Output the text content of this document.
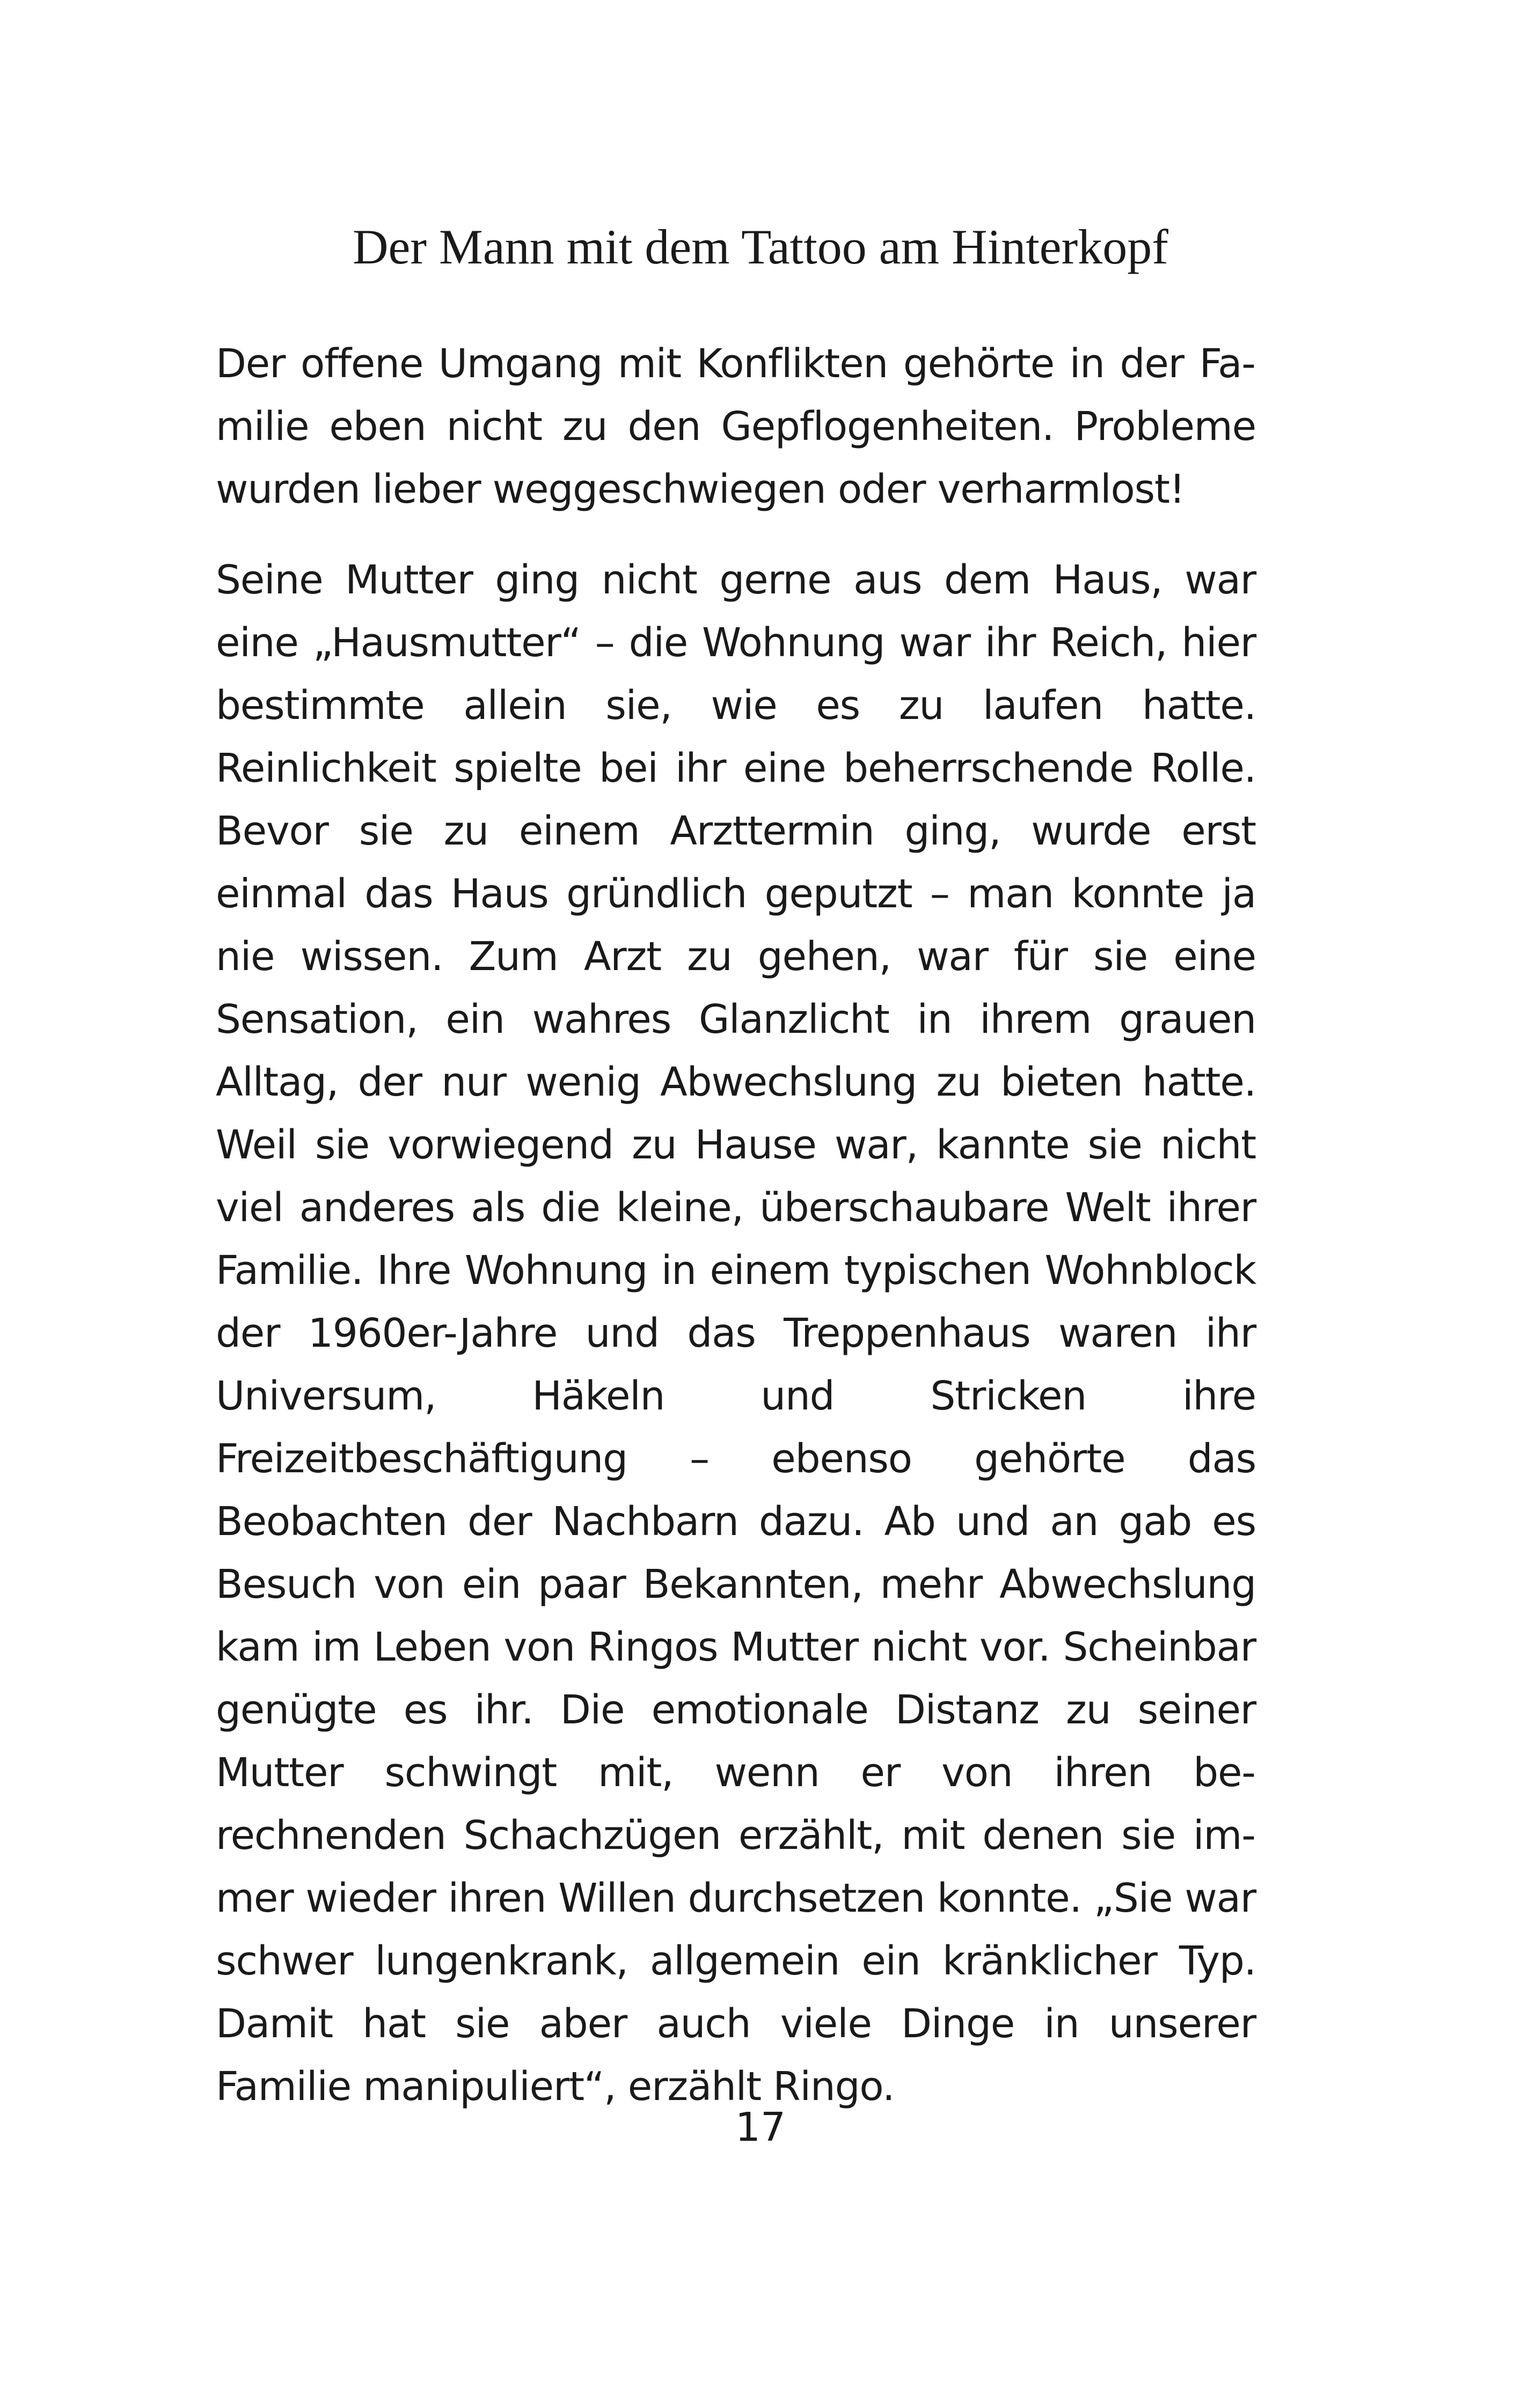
Der Mann mit dem Tattoo am Hinterkopf

Der offene Umgang mit Konflikten gehörte in der Familie eben nicht zu den Gepflogenheiten. Probleme wurden lieber weggeschwiegen oder verharmlost!

Seine Mutter ging nicht gerne aus dem Haus, war eine „Hausmutter“ – die Wohnung war ihr Reich, hier bestimmte allein sie, wie es zu laufen hatte. Reinlichkeit spielte bei ihr eine beherrschende Rolle. Bevor sie zu einem Arzttermin ging, wurde erst einmal das Haus gründlich geputzt – man konnte ja nie wissen. Zum Arzt zu gehen, war für sie eine Sensation, ein wahres Glanzlicht in ihrem grauen Alltag, der nur wenig Abwechslung zu bieten hatte. Weil sie vorwiegend zu Hause war, kannte sie nicht viel anderes als die kleine, überschaubare Welt ihrer Familie. Ihre Wohnung in einem typischen Wohnblock der 1960er-Jahre und das Treppenhaus waren ihr Universum, Häkeln und Stricken ihre Freizeitbeschäftigung – ebenso gehörte das Beobachten der Nachbarn dazu. Ab und an gab es Besuch von ein paar Bekannten, mehr Abwechslung kam im Leben von Ringos Mutter nicht vor. Scheinbar genügte es ihr. Die emotionale Distanz zu seiner Mutter schwingt mit, wenn er von ihren berechnenden Schachzügen erzählt, mit denen sie immer wieder ihren Willen durchsetzen konnte. „Sie war schwer lungenkrank, allgemein ein kränklicher Typ. Damit hat sie aber auch viele Dinge in unserer Familie manipuliert“, erzählt Ringo.

17
